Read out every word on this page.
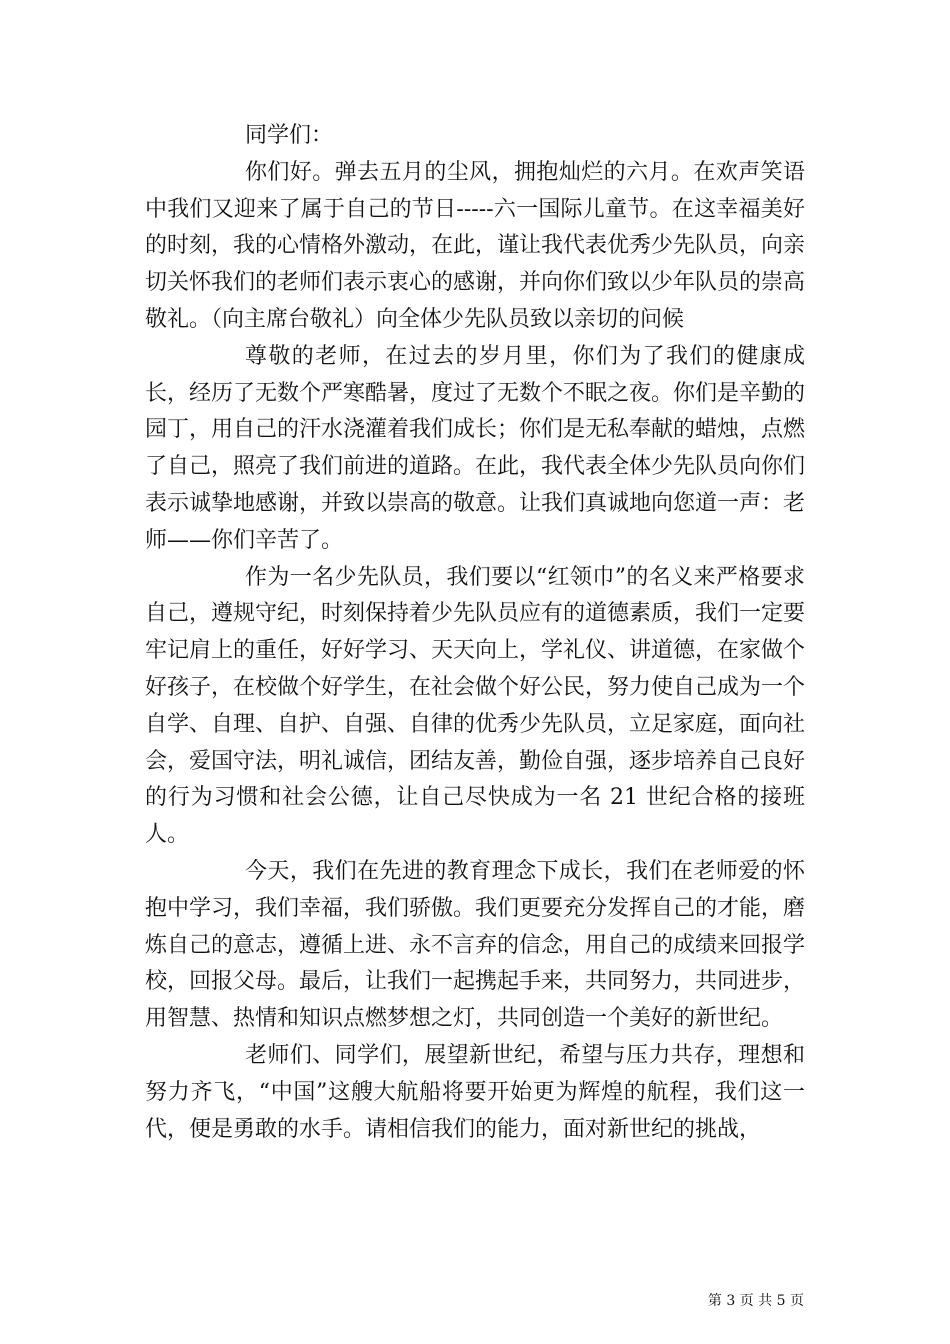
同学们：

你们好。弹去五月的尘风，拥抱灿烂的六月。在欢声笑语中我们又迎来了属于自己的节日-----六一国际儿童节。在这幸福美好的时刻，我的心情格外激动，在此，谨让我代表优秀少先队员，向亲切关怀我们的老师们表示衷心的感谢，并向你们致以少年队员的崇高敬礼。（向主席台敬礼）向全体少先队员致以亲切的问候

尊敬的老师，在过去的岁月里，你们为了我们的健康成长，经历了无数个严寒酷暑，度过了无数个不眠之夜。你们是辛勤的园丁，用自己的汗水浇灌着我们成长；你们是无私奉献的蜡烛，点燃了自己，照亮了我们前进的道路。在此，我代表全体少先队员向你们表示诚挚地感谢，并致以崇高的敬意。让我们真诚地向您道一声：老师——你们辛苦了。

作为一名少先队员，我们要以“红领巾”的名义来严格要求自己，遵规守纪，时刻保持着少先队员应有的道德素质，我们一定要牢记肩上的重任，好好学习、天天向上，学礼仪、讲道德，在家做个好孩子，在校做个好学生，在社会做个好公民，努力使自己成为一个自学、自理、自护、自强、自律的优秀少先队员，立足家庭，面向社会，爱国守法，明礼诚信，团结友善，勤俭自强，逐步培养自己良好的行为习惯和社会公德，让自己尽快成为一名 21 世纪合格的接班人。

今天，我们在先进的教育理念下成长，我们在老师爱的怀抱中学习，我们幸福，我们骄傲。我们更要充分发挥自己的才能，磨炼自己的意志，遵循上进、永不言弃的信念，用自己的成绩来回报学校，回报父母。最后，让我们一起携起手来，共同努力，共同进步，用智慧、热情和知识点燃梦想之灯，共同创造一个美好的新世纪。

老师们、同学们，展望新世纪，希望与压力共存，理想和努力齐飞，“中国”这艘大航船将要开始更为辉煌的航程，我们这一代，便是勇敢的水手。请相信我们的能力，面对新世纪的挑战，

第 3 页 共 5 页
